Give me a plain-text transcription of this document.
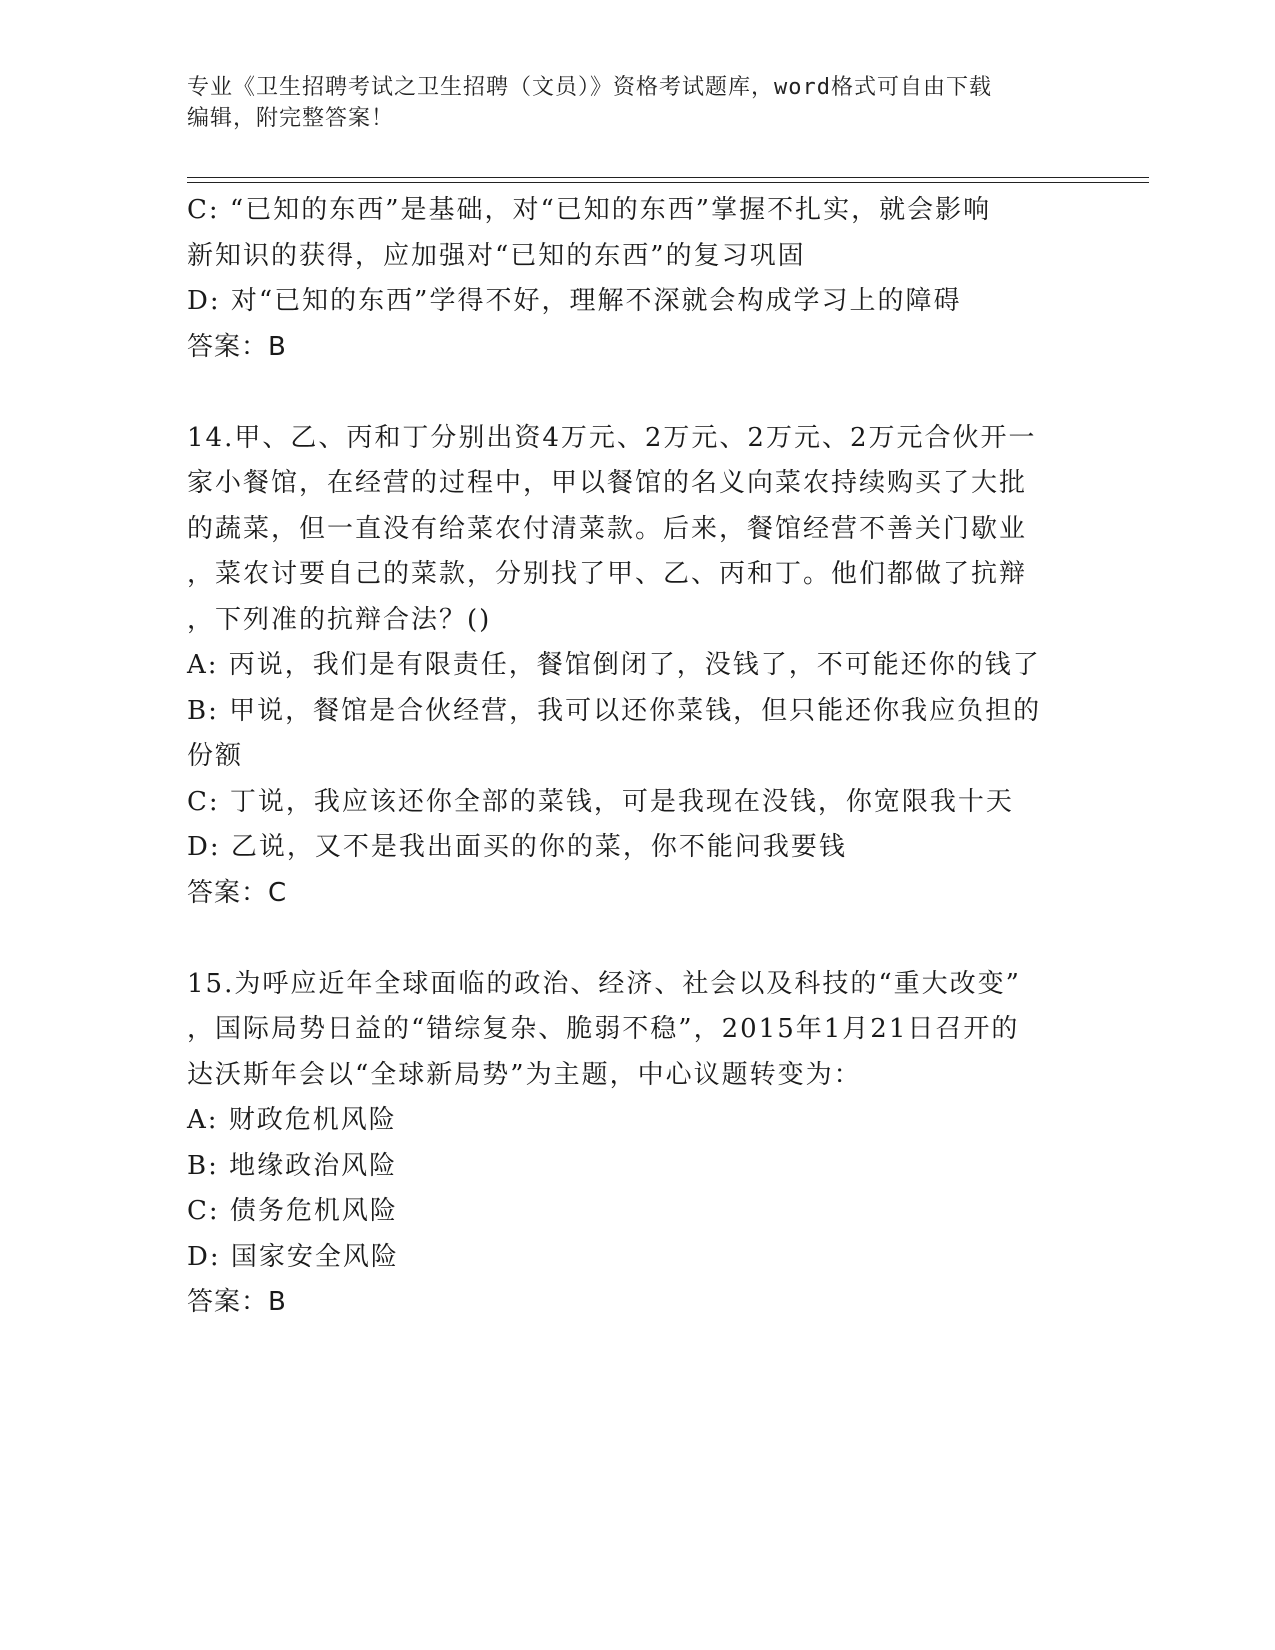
专业《卫生招聘考试之卫生招聘（文员）》资格考试题库，word格式可自由下载
编辑，附完整答案！
C: “已知的东西”是基础，对“已知的东西”掌握不扎实，就会影响
新知识的获得，应加强对“已知的东西”的复习巩固
D: 对“已知的东西”学得不好，理解不深就会构成学习上的障碍
答案：B
14.甲、乙、丙和丁分别出资4万元、2万元、2万元、2万元合伙开一
家小餐馆，在经营的过程中，甲以餐馆的名义向菜农持续购买了大批
的蔬菜，但一直没有给菜农付清菜款。后来，餐馆经营不善关门歇业
，菜农讨要自己的菜款，分别找了甲、乙、丙和丁。他们都做了抗辩
，下列准的抗辩合法？()
A: 丙说，我们是有限责任，餐馆倒闭了，没钱了，不可能还你的钱了
B: 甲说，餐馆是合伙经营，我可以还你菜钱，但只能还你我应负担的
份额
C: 丁说，我应该还你全部的菜钱，可是我现在没钱，你宽限我十天
D: 乙说，又不是我出面买的你的菜，你不能问我要钱
答案：C
15.为呼应近年全球面临的政治、经济、社会以及科技的“重大改变”
，国际局势日益的“错综复杂、脆弱不稳”，2015年1月21日召开的
达沃斯年会以“全球新局势”为主题，中心议题转变为：
A: 财政危机风险
B: 地缘政治风险
C: 债务危机风险
D: 国家安全风险
答案：B
